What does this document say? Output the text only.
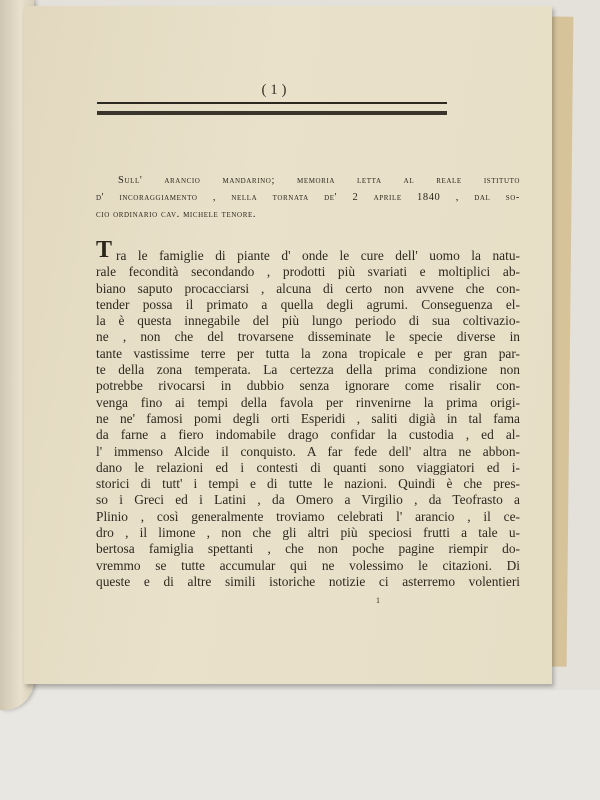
( 1 )
Sull' arancio mandarino; memoria letta al reale istituto
d' incoraggiamento , nella tornata de' 2 aprile 1840 , dal so-
cio ordinario cav. michele tenore.
T ra le famiglie di piante d' onde le cure dell' uomo la natu-
rale fecondità secondando , prodotti più svariati e moltiplici ab-
biano saputo procacciarsi , alcuna di certo non avvene che con-
tender possa il primato a quella degli agrumi. Conseguenza el-
la è questa innegabile del più lungo periodo di sua coltivazio-
ne , non che del trovarsene disseminate le specie diverse in
tante vastissime terre per tutta la zona tropicale e per gran par-
te della zona temperata. La certezza della prima condizione non
potrebbe rivocarsi in dubbio senza ignorare come risalir con-
venga fino ai tempi della favola per rinvenirne la prima origi-
ne ne' famosi pomi degli orti Esperidi , saliti digià in tal fama
da farne a fiero indomabile drago confidar la custodia , ed al-
l' immenso Alcide il conquisto. A far fede dell' altra ne abbon-
dano le relazioni ed i contesti di quanti sono viaggiatori ed i-
storici di tutt' i tempi e di tutte le nazioni. Quindi è che pres-
so i Greci ed i Latini , da Omero a Virgilio , da Teofrasto a
Plinio , così generalmente troviamo celebrati l' arancio , il ce-
dro , il limone , non che gli altri più speciosi frutti a tale u-
bertosa famiglia spettanti , che non poche pagine riempir do-
vremmo se tutte accumular qui ne volessimo le citazioni. Di
queste e di altre simili istoriche notizie ci asterremo volentieri
1
